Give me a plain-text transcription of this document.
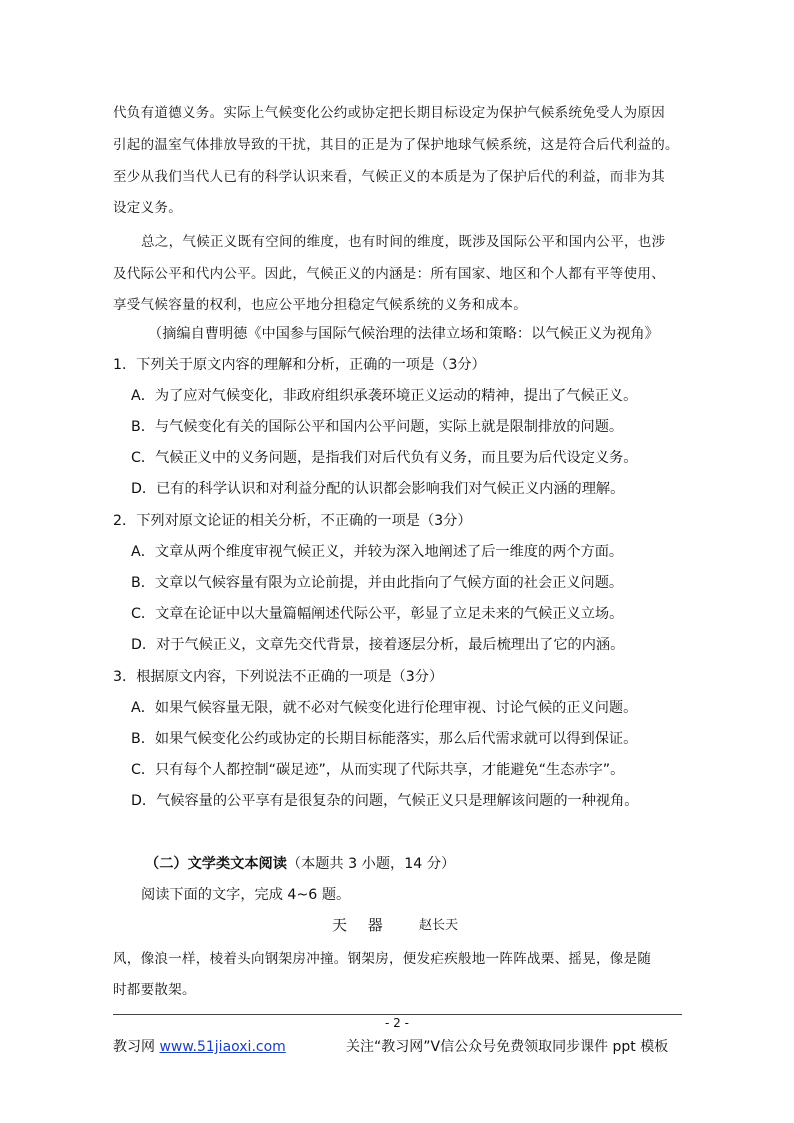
代负有道德义务。实际上气候变化公约或协定把长期目标设定为保护气候系统免受人为原因
引起的温室气体排放导致的干扰，其目的正是为了保护地球气候系统，这是符合后代利益的。
至少从我们当代人已有的科学认识来看，气候正义的本质是为了保护后代的利益，而非为其
设定义务。
总之，气候正义既有空间的维度，也有时间的维度，既涉及国际公平和国内公平，也涉
及代际公平和代内公平。因此，气候正义的内涵是：所有国家、地区和个人都有平等使用、
享受气候容量的权利，也应公平地分担稳定气候系统的义务和成本。
（摘编自曹明德《中国参与国际气候治理的法律立场和策略：以气候正义为视角》
1．下列关于原文内容的理解和分析，正确的一项是（3分）
A．为了应对气候变化，非政府组织承袭环境正义运动的精神，提出了气候正义。
B．与气候变化有关的国际公平和国内公平问题，实际上就是限制排放的问题。
C．气候正义中的义务问题，是指我们对后代负有义务，而且要为后代设定义务。
D．已有的科学认识和对利益分配的认识都会影响我们对气候正义内涵的理解。
2．下列对原文论证的相关分析，不正确的一项是（3分）
A．文章从两个维度审视气候正义，并较为深入地阐述了后一维度的两个方面。
B．文章以气候容量有限为立论前提，并由此指向了气候方面的社会正义问题。
C．文章在论证中以大量篇幅阐述代际公平，彰显了立足未来的气候正义立场。
D．对于气候正义，文章先交代背景，接着逐层分析，最后梳理出了它的内涵。
3．根据原文内容，下列说法不正确的一项是（3分）
A．如果气候容量无限，就不必对气候变化进行伦理审视、讨论气候的正义问题。
B．如果气候变化公约或协定的长期目标能落实，那么后代需求就可以得到保证。
C．只有每个人都控制“碳足迹”，从而实现了代际共享，才能避免“生态赤字”。
D．气候容量的公平享有是很复杂的问题，气候正义只是理解该问题的一种视角。
（二）文学类文本阅读（本题共 3 小题，14 分）
阅读下面的文字，完成 4~6 题。
天 器 赵长天
风，像浪一样，棱着头向钢架房冲撞。钢架房，便发疟疾般地一阵阵战栗、摇晃，像是随
时都要散架。
- 2 -
教习网 www.51jiaoxi.com	关注“教习网”V信公众号免费领取同步课件 ppt 模板
